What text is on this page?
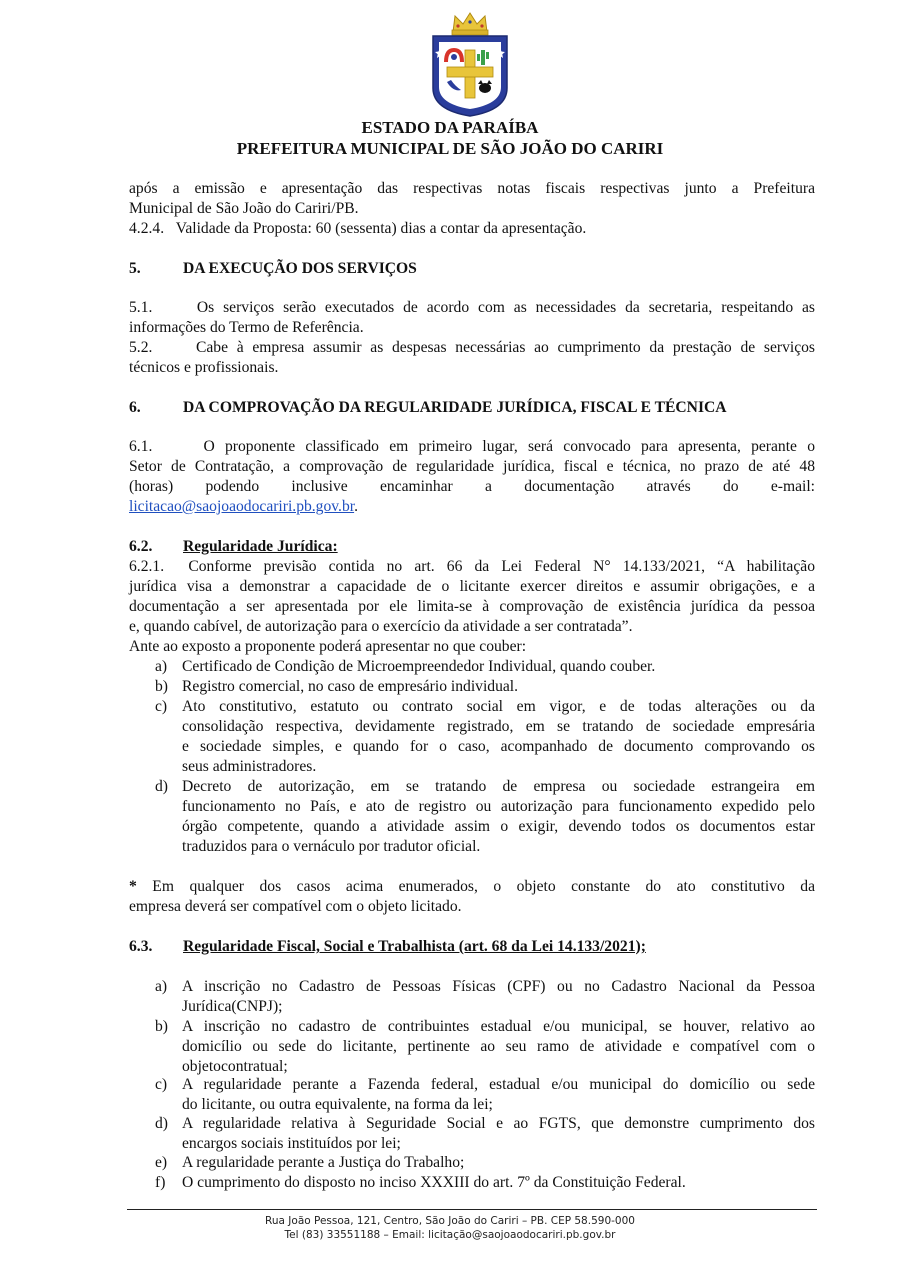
ESTADO DA PARAÍBA
PREFEITURA MUNICIPAL DE SÃO JOÃO DO CARIRI
após a emissão e apresentação das respectivas notas fiscais respectivas junto a Prefeitura
Municipal de São João do Cariri/PB.
4.2.4. Validade da Proposta: 60 (sessenta) dias a contar da apresentação.
5.	DA EXECUÇÃO DOS SERVIÇOS
5.1.	Os serviços serão executados de acordo com as necessidades da secretaria, respeitando as
informações do Termo de Referência.
5.2.	Cabe à empresa assumir as despesas necessárias ao cumprimento da prestação de serviços
técnicos e profissionais.
6.	DA COMPROVAÇÃO DA REGULARIDADE JURÍDICA, FISCAL E TÉCNICA
6.1.	O proponente classificado em primeiro lugar, será convocado para apresenta, perante o
Setor de Contratação, a comprovação de regularidade jurídica, fiscal e técnica, no prazo de até 48
(horas) podendo inclusive encaminhar a documentação através do e-mail:
licitacao@saojoaodocariri.pb.gov.br.
6.2. Regularidade Jurídica:
6.2.1. Conforme previsão contida no art. 66 da Lei Federal N° 14.133/2021, “A habilitação
jurídica visa a demonstrar a capacidade de o licitante exercer direitos e assumir obrigações, e a
documentação a ser apresentada por ele limita-se à comprovação de existência jurídica da pessoa
e, quando cabível, de autorização para o exercício da atividade a ser contratada”.
Ante ao exposto a proponente poderá apresentar no que couber:
a) Certificado de Condição de Microempreendedor Individual, quando couber.
b) Registro comercial, no caso de empresário individual.
c) Ato constitutivo, estatuto ou contrato social em vigor, e de todas alterações ou da
consolidação respectiva, devidamente registrado, em se tratando de sociedade empresária
e sociedade simples, e quando for o caso, acompanhado de documento comprovando os
seus administradores.
d) Decreto de autorização, em se tratando de empresa ou sociedade estrangeira em
funcionamento no País, e ato de registro ou autorização para funcionamento expedido pelo
órgão competente, quando a atividade assim o exigir, devendo todos os documentos estar
traduzidos para o vernáculo por tradutor oficial.
* Em qualquer dos casos acima enumerados, o objeto constante do ato constitutivo da
empresa deverá ser compatível com o objeto licitado.
6.3. Regularidade Fiscal, Social e Trabalhista (art. 68 da Lei 14.133/2021);
a) A inscrição no Cadastro de Pessoas Físicas (CPF) ou no Cadastro Nacional da Pessoa
Jurídica(CNPJ);
b) A inscrição no cadastro de contribuintes estadual e/ou municipal, se houver, relativo ao
domicílio ou sede do licitante, pertinente ao seu ramo de atividade e compatível com o
objetocontratual;
c) A regularidade perante a Fazenda federal, estadual e/ou municipal do domicílio ou sede
do licitante, ou outra equivalente, na forma da lei;
d) A regularidade relativa à Seguridade Social e ao FGTS, que demonstre cumprimento dos
encargos sociais instituídos por lei;
e) A regularidade perante a Justiça do Trabalho;
f)	O cumprimento do disposto no inciso XXXIII do art. 7º da Constituição Federal.
Rua João Pessoa, 121, Centro, São João do Cariri – PB. CEP 58.590-000
Tel (83) 33551188 – Email: licitação@saojoaodocariri.pb.gov.br
